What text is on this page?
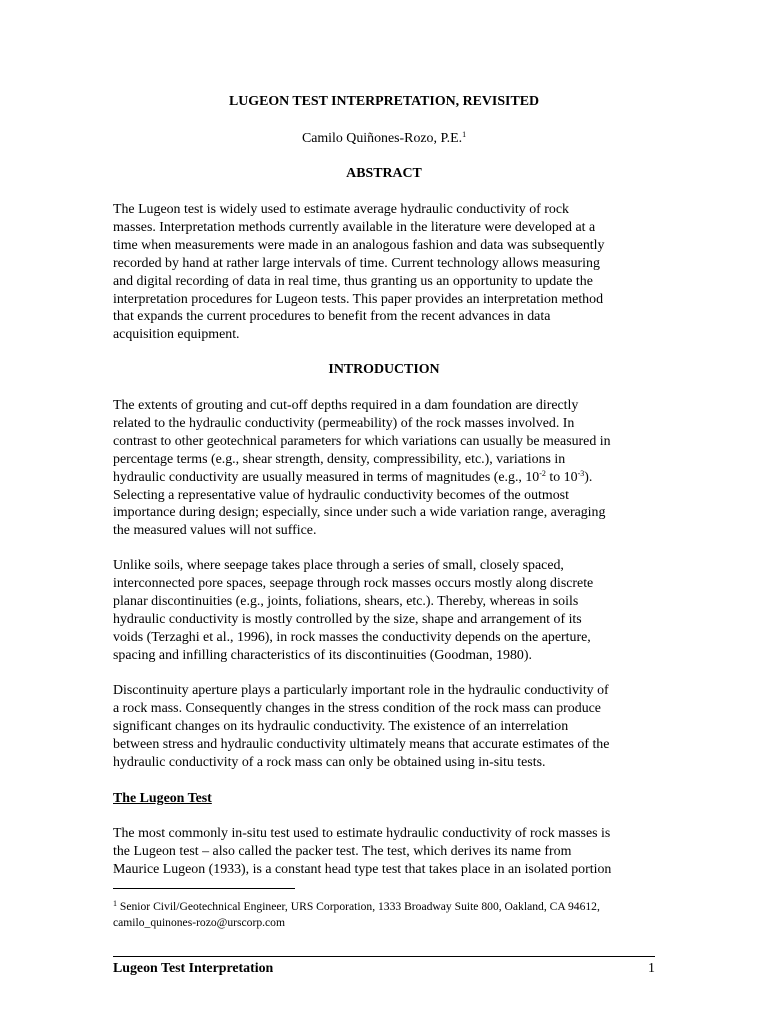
LUGEON TEST INTERPRETATION, REVISITED
Camilo Quiñones-Rozo, P.E.$^1$
ABSTRACT
The Lugeon test is widely used to estimate average hydraulic conductivity of rock
masses. Interpretation methods currently available in the literature were developed at a
time when measurements were made in an analogous fashion and data was subsequently
recorded by hand at rather large intervals of time. Current technology allows measuring
and digital recording of data in real time, thus granting us an opportunity to update the
interpretation procedures for Lugeon tests. This paper provides an interpretation method
that expands the current procedures to benefit from the recent advances in data
acquisition equipment.
INTRODUCTION
The extents of grouting and cut-off depths required in a dam foundation are directly
related to the hydraulic conductivity (permeability) of the rock masses involved. In
contrast to other geotechnical parameters for which variations can usually be measured in
percentage terms (e.g., shear strength, density, compressibility, etc.), variations in
hydraulic conductivity are usually measured in terms of magnitudes (e.g., $10^{-2}$ to $10^{-3}$).
Selecting a representative value of hydraulic conductivity becomes of the outmost
importance during design; especially, since under such a wide variation range, averaging
the measured values will not suffice.
Unlike soils, where seepage takes place through a series of small, closely spaced,
interconnected pore spaces, seepage through rock masses occurs mostly along discrete
planar discontinuities (e.g., joints, foliations, shears, etc.). Thereby, whereas in soils
hydraulic conductivity is mostly controlled by the size, shape and arrangement of its
voids (Terzaghi et al., 1996), in rock masses the conductivity depends on the aperture,
spacing and infilling characteristics of its discontinuities (Goodman, 1980).
Discontinuity aperture plays a particularly important role in the hydraulic conductivity of
a rock mass. Consequently changes in the stress condition of the rock mass can produce
significant changes on its hydraulic conductivity. The existence of an interrelation
between stress and hydraulic conductivity ultimately means that accurate estimates of the
hydraulic conductivity of a rock mass can only be obtained using in-situ tests.
The Lugeon Test
The most commonly in-situ test used to estimate hydraulic conductivity of rock masses is
the Lugeon test – also called the packer test. The test, which derives its name from
Maurice Lugeon (1933), is a constant head type test that takes place in an isolated portion
$^1$ Senior Civil/Geotechnical Engineer, URS Corporation, 1333 Broadway Suite 800, Oakland, CA 94612,
camilo_quinones-rozo@urscorp.com
Lugeon Test Interpretation	1
